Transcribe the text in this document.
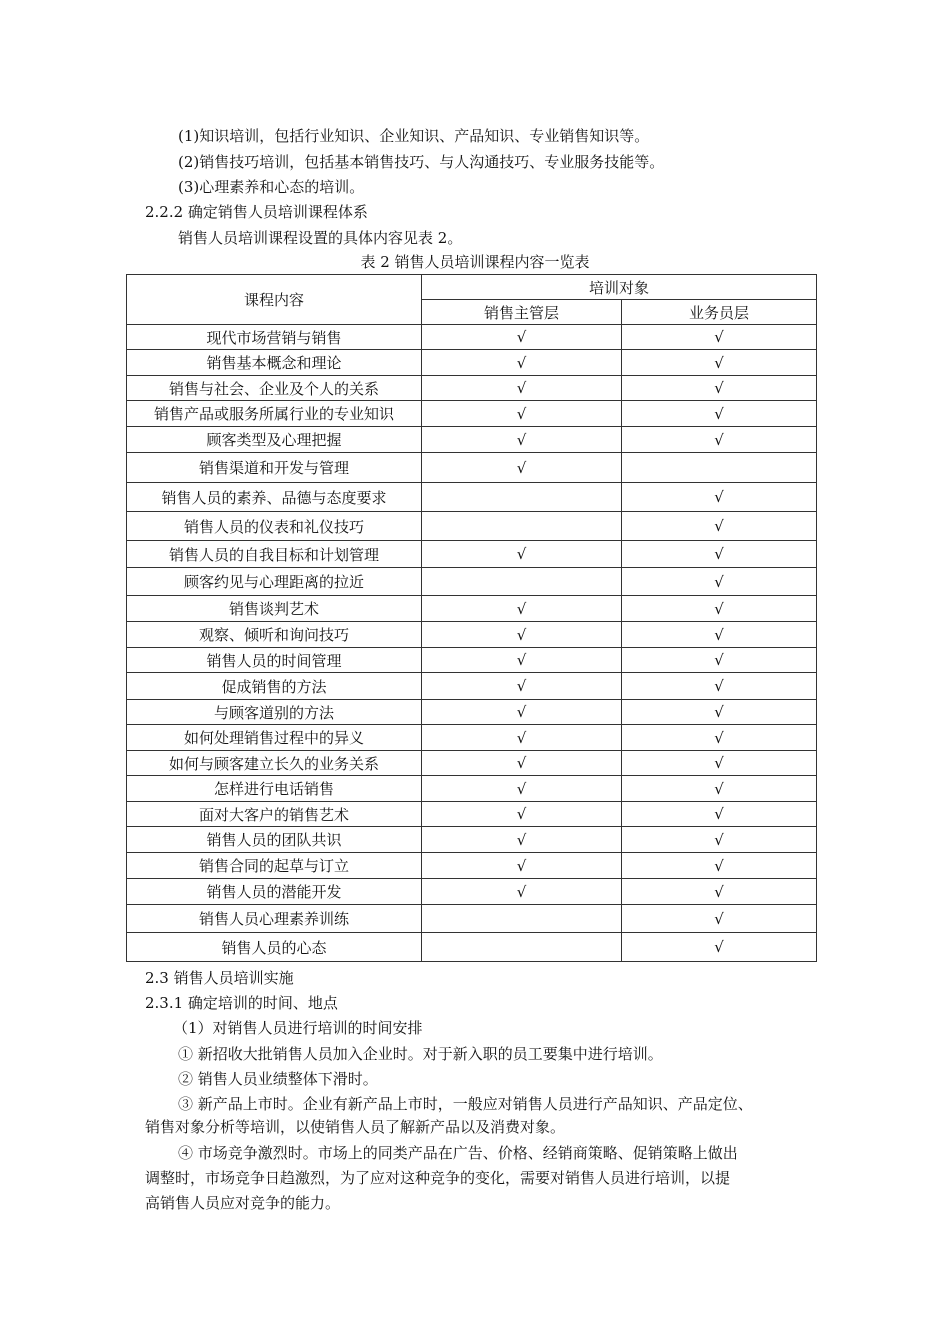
(1)知识培训，包括行业知识、企业知识、产品知识、专业销售知识等。
(2)销售技巧培训，包括基本销售技巧、与人沟通技巧、专业服务技能等。
(3)心理素养和心态的培训。
2.2.2 确定销售人员培训课程体系
销售人员培训课程设置的具体内容见表 2。
表 2 销售人员培训课程内容一览表
课程内容	培训对象	
	销售主管层	业务员层
现代市场营销与销售	√	√
销售基本概念和理论	√	√
销售与社会、企业及个人的关系	√	√
销售产品或服务所属行业的专业知识	√	√
顾客类型及心理把握	√	√
销售渠道和开发与管理	√	
销售人员的素养、品德与态度要求		√
销售人员的仪表和礼仪技巧		√
销售人员的自我目标和计划管理	√	√
顾客约见与心理距离的拉近		√
销售谈判艺术	√	√
观察、倾听和询问技巧	√	√
销售人员的时间管理	√	√
促成销售的方法	√	√
与顾客道别的方法	√	√
如何处理销售过程中的异义	√	√
如何与顾客建立长久的业务关系	√	√
怎样进行电话销售	√	√
面对大客户的销售艺术	√	√
销售人员的团队共识	√	√
销售合同的起草与订立	√	√
销售人员的潜能开发	√	√
销售人员心理素养训练		√
销售人员的心态		√
2.3 销售人员培训实施
2.3.1 确定培训的时间、地点
（1）对销售人员进行培训的时间安排
① 新招收大批销售人员加入企业时。对于新入职的员工要集中进行培训。
② 销售人员业绩整体下滑时。
③ 新产品上市时。企业有新产品上市时，一般应对销售人员进行产品知识、产品定位、
销售对象分析等培训，以使销售人员了解新产品以及消费对象。
④ 市场竞争激烈时。市场上的同类产品在广告、价格、经销商策略、促销策略上做出
调整时，市场竞争日趋激烈，为了应对这种竞争的变化，需要对销售人员进行培训，以提
高销售人员应对竞争的能力。
